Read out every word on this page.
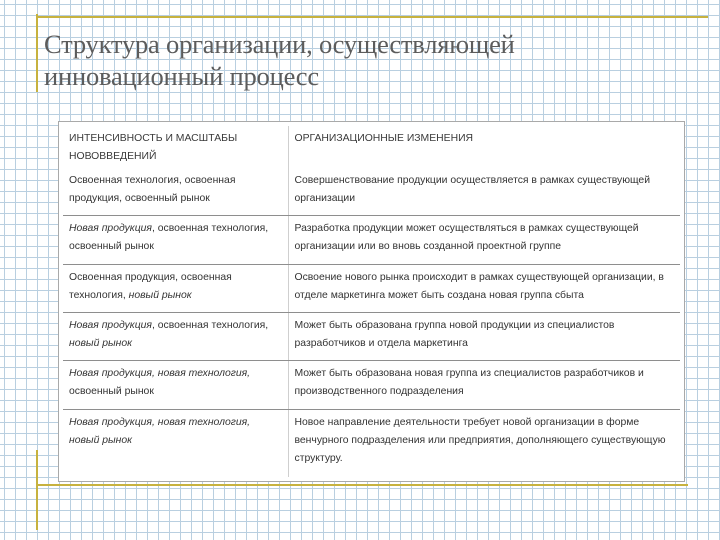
Структура организации, осуществляющей
инновационный процесс
ИНТЕНСИВНОСТЬ И МАСШТАБЫ НОВОВВЕДЕНИЙ	ОРГАНИЗАЦИОННЫЕ ИЗМЕНЕНИЯ
Освоенная технология, освоенная продукция, освоенный рынок	Совершенствование продукции осуществляется в рамках существующей организации
Новая продукция, освоенная технология, освоенный рынок	Разработка продукции может осуществляться в рамках существующей организации или во вновь созданной проектной группе
Освоенная продукция, освоенная технология, новый рынок	Освоение нового рынка происходит в рамках существующей организации, в отделе маркетинга может быть создана новая группа сбыта
Новая продукция, освоенная технология, новый рынок	Может быть образована группа новой продукции из специалистов разработчиков и отдела маркетинга
Новая продукция, новая технология, освоенный рынок	Может быть образована новая группа из специалистов разработчиков и производственного подразделения
Новая продукция, новая технология, новый рынок	Новое направление деятельности требует новой организации в форме венчурного подразделения или предприятия, дополняющего существующую структуру.
